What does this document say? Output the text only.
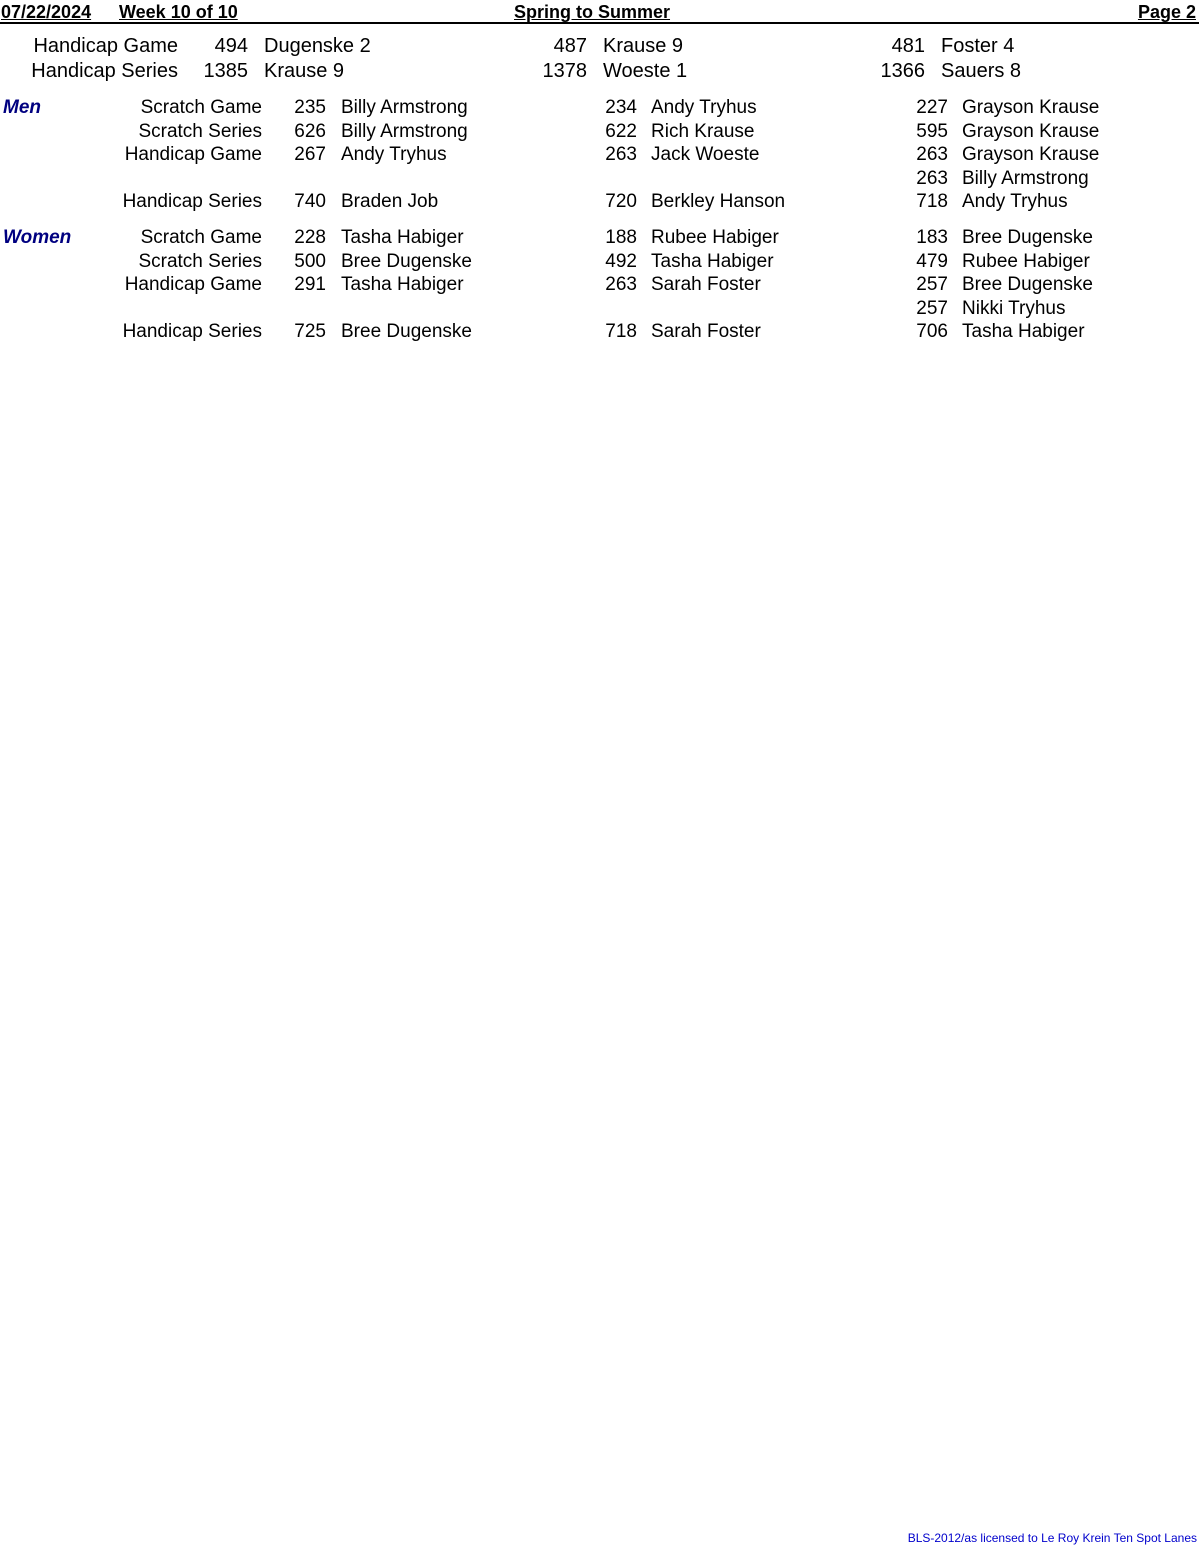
07/22/2024 Week 10 of 10	Spring to Summer	Page 2
Handicap Game 494 Dugenske 2	487 Krause 9	481 Foster 4
Handicap Series 1385 Krause 9	1378 Woeste 1	1366 Sauers 8
Men	Scratch Game 235 Billy Armstrong	234 Andy Tryhus	227 Grayson Krause
Scratch Series 626 Billy Armstrong	622 Rich Krause	595 Grayson Krause
Handicap Game 267 Andy Tryhus	263 Jack Woeste	263 Grayson Krause
263 Billy Armstrong
Handicap Series 740 Braden Job	720 Berkley Hanson	718 Andy Tryhus
Women	Scratch Game 228 Tasha Habiger	188 Rubee Habiger	183 Bree Dugenske
Scratch Series 500 Bree Dugenske	492 Tasha Habiger	479 Rubee Habiger
Handicap Game 291 Tasha Habiger	263 Sarah Foster	257 Bree Dugenske
257 Nikki Tryhus
Handicap Series 725 Bree Dugenske	718 Sarah Foster	706 Tasha Habiger
BLS-2012/as licensed to Le Roy Krein Ten Spot Lanes
